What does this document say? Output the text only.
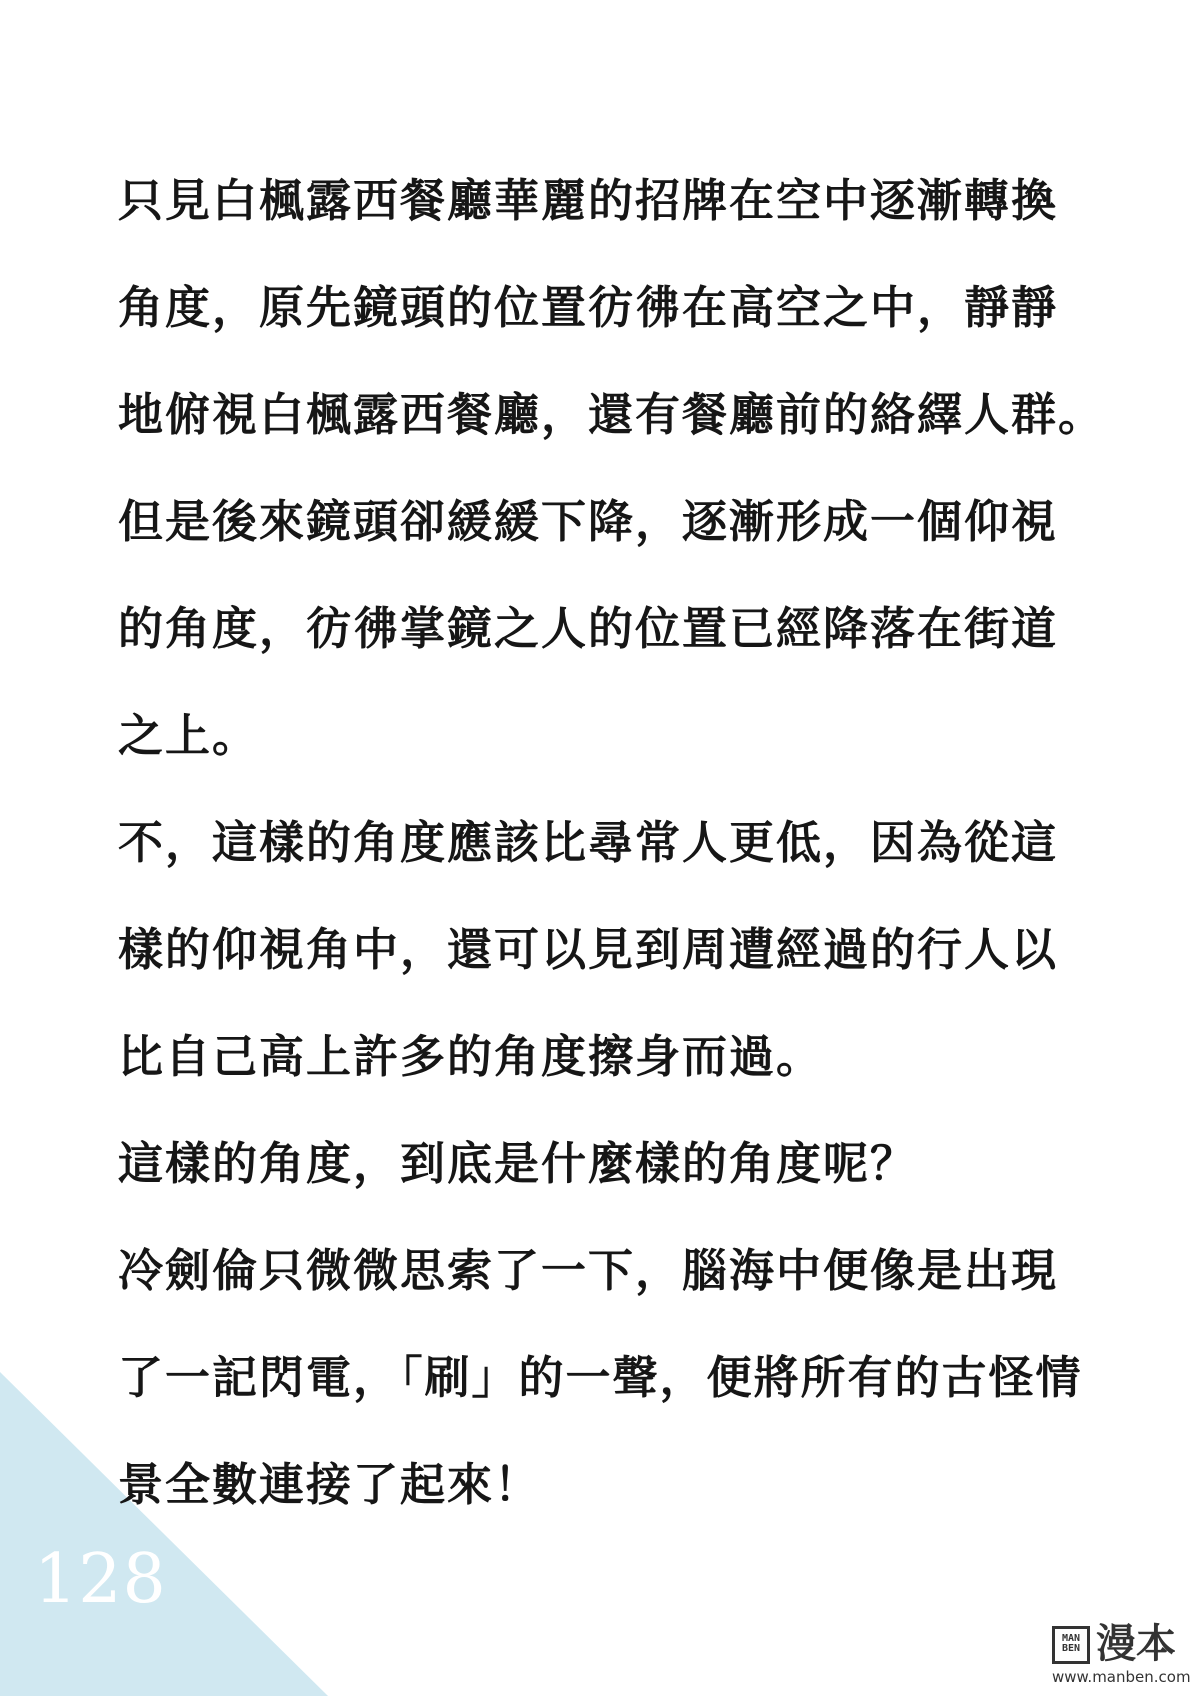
只見白楓露西餐廳華麗的招牌在空中逐漸轉換
角度，原先鏡頭的位置彷彿在高空之中，靜靜
地俯視白楓露西餐廳，還有餐廳前的絡繹人群。
但是後來鏡頭卻緩緩下降，逐漸形成一個仰視
的角度，彷彿掌鏡之人的位置已經降落在街道
之上。
不，這樣的角度應該比尋常人更低，因為從這
樣的仰視角中，還可以見到周遭經過的行人以
比自己高上許多的角度擦身而過。
這樣的角度，到底是什麼樣的角度呢？
冷劍倫只微微思索了一下，腦海中便像是出現
了一記閃電，「刷」的一聲，便將所有的古怪情
景全數連接了起來！
128
MAN BEN 漫本
www.manben.com
